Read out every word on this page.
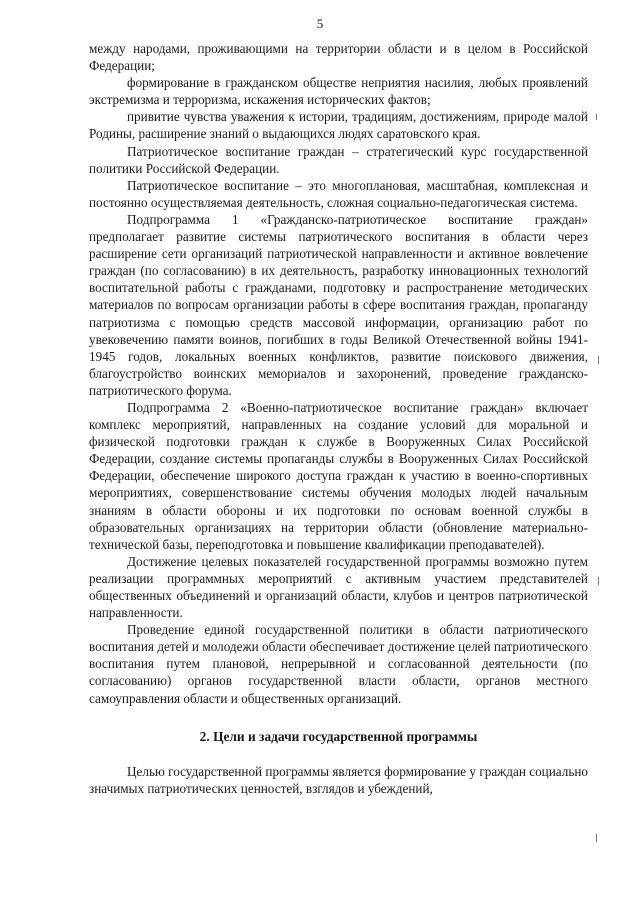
5

между народами, проживающими на территории области и в целом в Российской Федерации;

формирование в гражданском обществе неприятия насилия, любых проявлений экстремизма и терроризма, искажения исторических фактов;

привитие чувства уважения к истории, традициям, достижениям, природе малой Родины, расширение знаний о выдающихся людях саратовского края.

Патриотическое воспитание граждан – стратегический курс государственной политики Российской Федерации.

Патриотическое воспитание – это многоплановая, масштабная, комплексная и постоянно осуществляемая деятельность, сложная социально-педагогическая система.

Подпрограмма 1 «Гражданско-патриотическое воспитание граждан» предполагает развитие системы патриотического воспитания в области через расширение сети организаций патриотической направленности и активное вовлечение граждан (по согласованию) в их деятельность, разработку инновационных технологий воспитательной работы с гражданами, подготовку и распространение методических материалов по вопросам организации работы в сфере воспитания граждан, пропаганду патриотизма с помощью средств массовой информации, организацию работ по увековечению памяти воинов, погибших в годы Великой Отечественной войны 1941-1945 годов, локальных военных конфликтов, развитие поискового движения, благоустройство воинских мемориалов и захоронений, проведение гражданско-патриотического форума.

Подпрограмма 2 «Военно-патриотическое воспитание граждан» включает комплекс мероприятий, направленных на создание условий для моральной и физической подготовки граждан к службе в Вооруженных Силах Российской Федерации, создание системы пропаганды службы в Вооруженных Силах Российской Федерации, обеспечение широкого доступа граждан к участию в военно-спортивных мероприятиях, совершенствование системы обучения молодых людей начальным знаниям в области обороны и их подготовки по основам военной службы в образовательных организациях на территории области (обновление материально-технической базы, переподготовка и повышение квалификации преподавателей).

Достижение целевых показателей государственной программы возможно путем реализации программных мероприятий с активным участием представителей общественных объединений и организаций области, клубов и центров патриотической направленности.

Проведение единой государственной политики в области патриотического воспитания детей и молодежи области обеспечивает достижение целей патриотического воспитания путем плановой, непрерывной и согласованной деятельности (по согласованию) органов государственной власти области, органов местного самоуправления области и общественных организаций.

2. Цели и задачи государственной программы

Целью государственной программы является формирование у граждан социально значимых патриотических ценностей, взглядов и убеждений,
